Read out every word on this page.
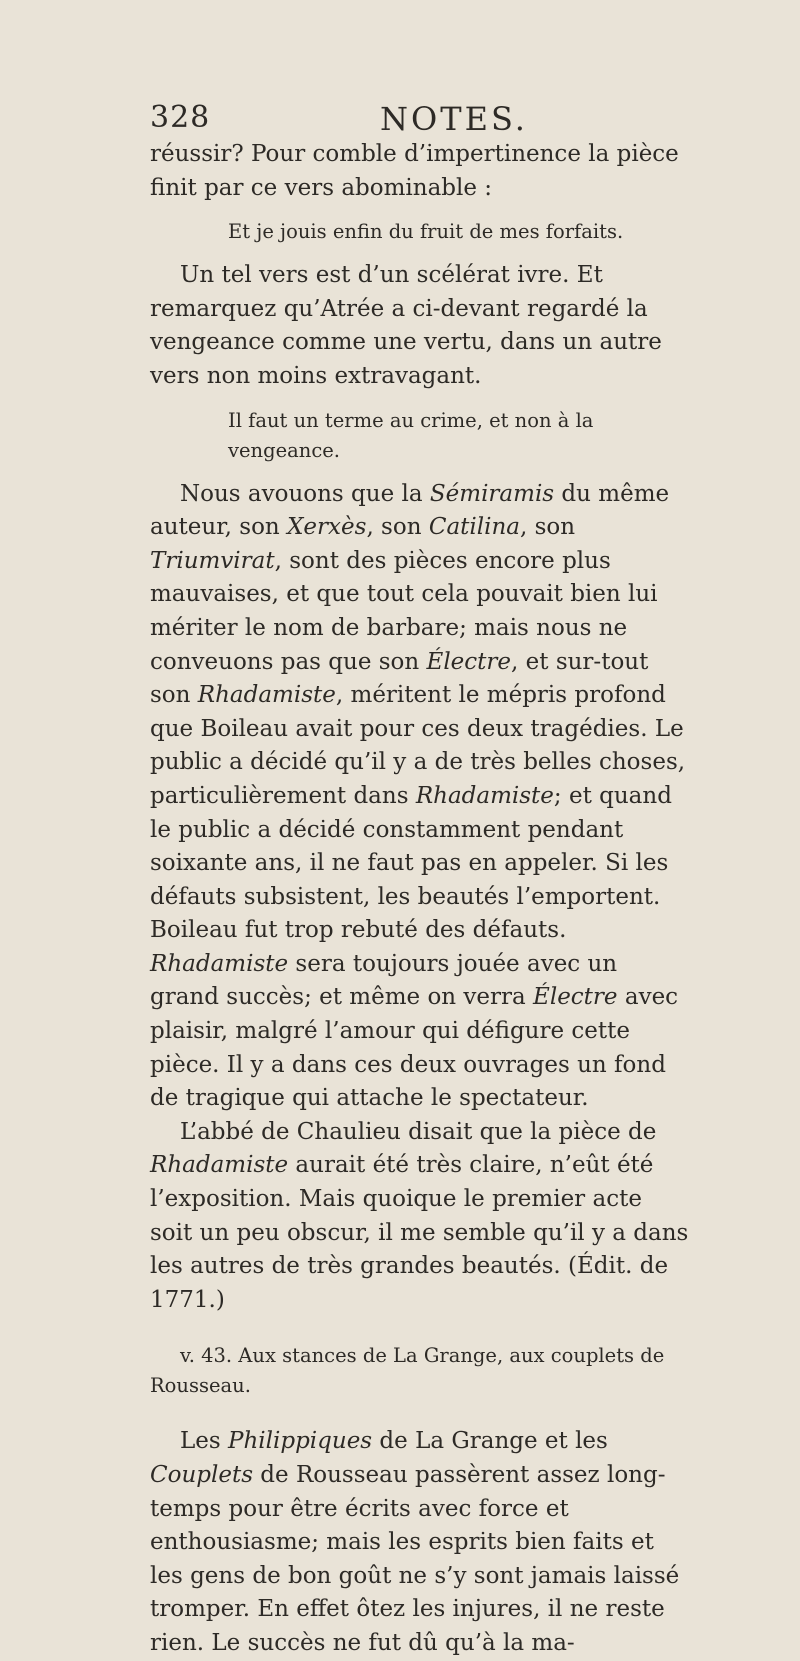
328	NOTES.

réussir? Pour comble d’impertinence la pièce finit par ce vers abominable :

Et je jouis enfin du fruit de mes forfaits.

Un tel vers est d’un scélérat ivre. Et remarquez qu’Atrée a ci-devant regardé la vengeance comme une vertu, dans un autre vers non moins extravagant.

Il faut un terme au crime, et non à la vengeance.

Nous avouons que la Sémiramis du même auteur, son Xerxès, son Catilina, son Triumvirat, sont des pièces encore plus mauvaises, et que tout cela pouvait bien lui mériter le nom de barbare; mais nous ne conveuons pas que son Électre, et sur-tout son Rhadamiste, méritent le mépris profond que Boileau avait pour ces deux tragédies. Le public a décidé qu’il y a de très belles choses, particulièrement dans Rhadamiste; et quand le public a décidé constamment pendant soixante ans, il ne faut pas en appeler. Si les défauts subsistent, les beautés l’emportent. Boileau fut trop rebuté des défauts. Rhadamiste sera toujours jouée avec un grand succès; et même on verra Électre avec plaisir, malgré l’amour qui défigure cette pièce. Il y a dans ces deux ouvrages un fond de tragique qui attache le spectateur.

L’abbé de Chaulieu disait que la pièce de Rhadamiste aurait été très claire, n’eût été l’exposition. Mais quoique le premier acte soit un peu obscur, il me semble qu’il y a dans les autres de très grandes beautés. (Édit. de 1771.)

v. 43. Aux stances de La Grange, aux couplets de Rousseau.

Les Philippiques de La Grange et les Couplets de Rousseau passèrent assez long-temps pour être écrits avec force et enthousiasme; mais les esprits bien faits et les gens de bon goût ne s’y sont jamais laissé tromper. En effet ôtez les injures, il ne reste rien. Le succès ne fut dû qu’à la ma-
